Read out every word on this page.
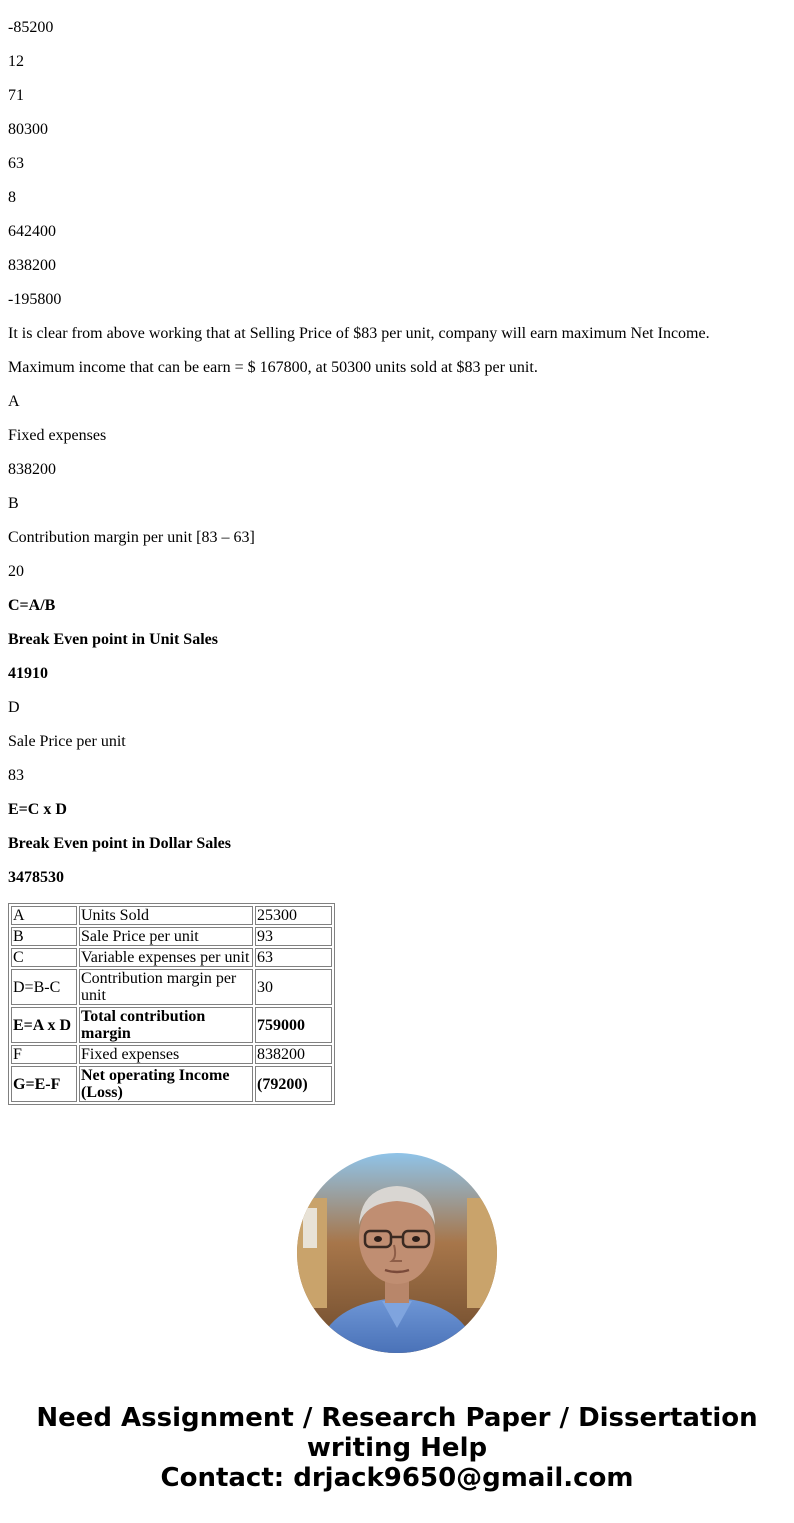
-85200

12

71

80300

63

8

642400

838200

-195800

It is clear from above working that at Selling Price of $83 per unit, company will earn maximum Net Income.

Maximum income that can be earn = $ 167800, at 50300 units sold at $83 per unit.

A

Fixed expenses

838200

B

Contribution margin per unit [83 – 63]

20

C=A/B

Break Even point in Unit Sales

41910

D

Sale Price per unit

83

E=C x D

Break Even point in Dollar Sales

3478530

A	Units Sold	25300
B	Sale Price per unit	93
C	Variable expenses per unit	63
D=B-C	Contribution margin per unit	30
E=A x D	Total contribution margin	759000
F	Fixed expenses	838200
G=E-F	Net operating Income (Loss)	(79200)
Need Assignment / Research Paper / Dissertation
writing Help
Contact: drjack9650@gmail.com
